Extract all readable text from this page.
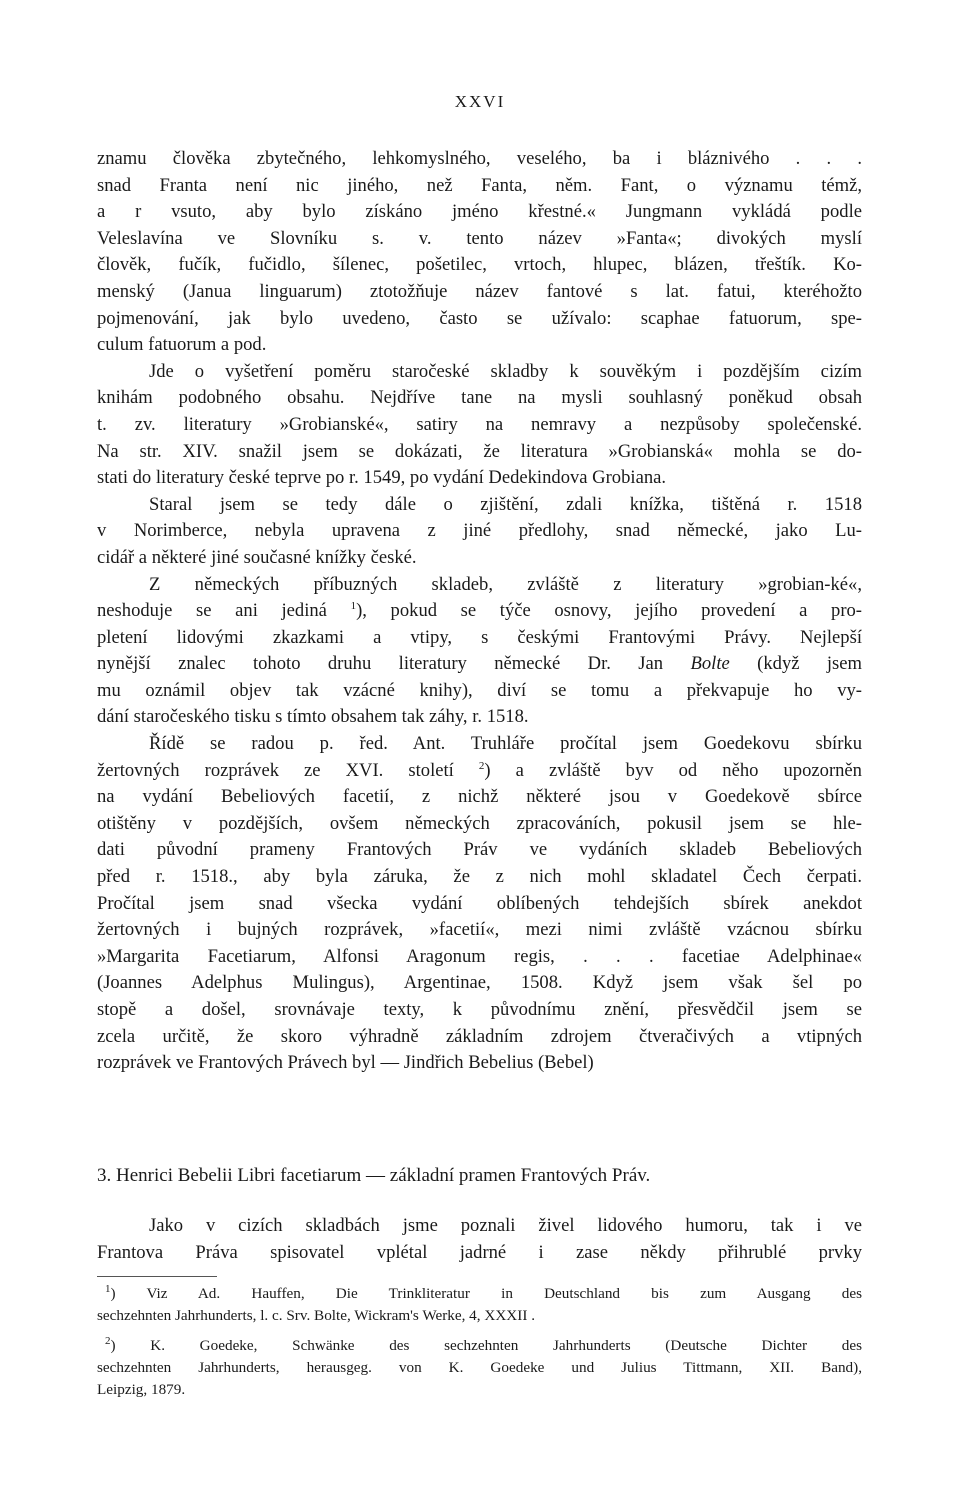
XXVI
znamu člověka zbytečného, lehkomyslného, veselého, ba i bláznivého . . .
snad Franta není nic jiného, než Fanta, něm. Fant, o významu témž,
a r vsuto, aby bylo získáno jméno křestné.« Jungmann vykládá podle
Veleslavína ve Slovníku s. v. tento název »Fanta«; divokých myslí
člověk, fučík, fučidlo, šílenec, pošetilec, vrtoch, hlupec, blázen, třeštík. Ko-
menský (Janua linguarum) ztotožňuje název fantové s lat. fatui, kteréhožto
pojmenování, jak bylo uvedeno, často se užívalo: scaphae fatuorum, spe-
culum fatuorum a pod.
Jde o vyšetření poměru staročeské skladby k souvěkým i pozdějším cizím
knihám podobného obsahu. Nejdříve tane na mysli souhlasný poněkud obsah
t. zv. literatury »Grobianské«, satiry na nemravy a nezpůsoby společenské.
Na str. XIV. snažil jsem se dokázati, že literatura »Grobianská« mohla se do-
stati do literatury české teprve po r. 1549, po vydání Dedekindova Grobiana.
Staral jsem se tedy dále o zjištění, zdali knížka, tištěná r. 1518
v Norimberce, nebyla upravena z jiné předlohy, snad německé, jako Lu-
cidář a některé jiné současné knížky české.
Z německých příbuzných skladeb, zvláště z literatury »grobian-ké«,
neshoduje se ani jediná $^1$), pokud se týče osnovy, jejího provedení a pro-
pletení lidovými zkazkami a vtipy, s českými Frantovými Právy. Nejlepší
nynější znalec tohoto druhu literatury německé Dr. Jan Bolte (když jsem
mu oznámil objev tak vzácné knihy), diví se tomu a překvapuje ho vy-
dání staročeského tisku s tímto obsahem tak záhy, r. 1518.
Řídě se radou p. řed. Ant. Truhláře pročítal jsem Goedekovu sbírku
žertovných rozprávek ze XVI. století $^2$) a zvláště byv od něho upozorněn
na vydání Bebeliových facetií, z nichž některé jsou v Goedekově sbírce
otištěny v pozdějších, ovšem německých zpracováních, pokusil jsem se hle-
dati původní prameny Frantových Práv ve vydáních skladeb Bebeliových
před r. 1518., aby byla záruka, že z nich mohl skladatel Čech čerpati.
Pročítal jsem snad všecka vydání oblíbených tehdejších sbírek anekdot
žertovných i bujných rozprávek, »facetií«, mezi nimi zvláště vzácnou sbírku
»Margarita Facetiarum, Alfonsi Aragonum regis, . . . facetiae Adelphinae«
(Joannes Adelphus Mulingus), Argentinae, 1508. Když jsem však šel po
stopě a došel, srovnávaje texty, k původnímu znění, přesvědčil jsem se
zcela určitě, že skoro výhradně základním zdrojem čtveračivých a vtipných
rozprávek ve Frantových Právech byl — Jindřich Bebelius (Bebel)
3. Henrici Bebelii Libri facetiarum — základní pramen Frantových Práv.
Jako v cizích skladbách jsme poznali živel lidového humoru, tak i ve
Frantova Práva spisovatel vplétal jadrné i zase někdy přihrublé prvky
$^1$) Viz Ad. Hauffen, Die Trinkliteratur in Deutschland bis zum Ausgang des
sechzehnten Jahrhunderts, l. c. Srv. Bolte, Wickram's Werke, 4, XXXII .
$^2$) K. Goedeke, Schwänke des sechzehnten Jahrhunderts (Deutsche Dichter des
sechzehnten Jahrhunderts, herausgeg. von K. Goedeke und Julius Tittmann, XII. Band),
Leipzig, 1879.
